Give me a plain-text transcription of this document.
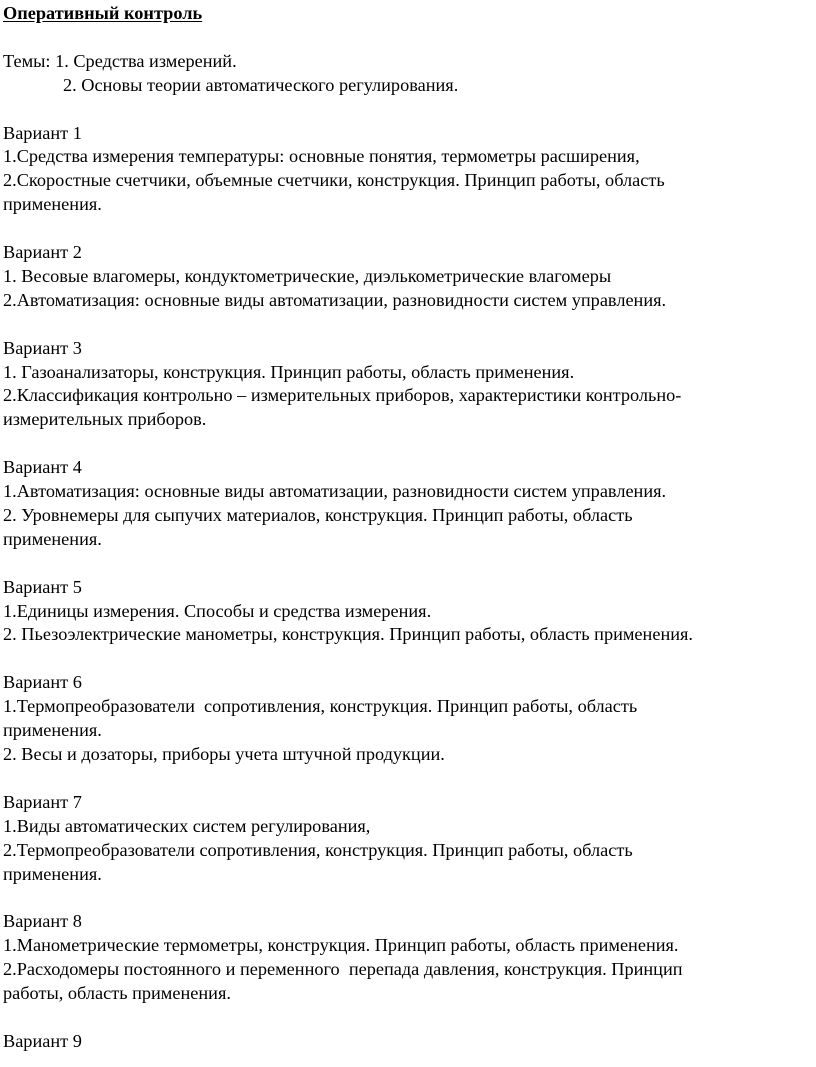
Оперативный контроль
Темы: 1. Средства измерений.
2. Основы теории автоматического регулирования.
Вариант 1
1.Средства измерения температуры: основные понятия, термометры расширения,
2.Скоростные счетчики, объемные счетчики, конструкция. Принцип работы, область
применения.
Вариант 2
1. Весовые влагомеры, кондуктометрические, диэлькометрические влагомеры
2.Автоматизация: основные виды автоматизации, разновидности систем управления.
Вариант 3
1. Газоанализаторы, конструкция. Принцип работы, область применения.
2.Классификация контрольно – измерительных приборов, характеристики контрольно-
измерительных приборов.
Вариант 4
1.Автоматизация: основные виды автоматизации, разновидности систем управления.
2. Уровнемеры для сыпучих материалов, конструкция. Принцип работы, область
применения.
Вариант 5
1.Единицы измерения. Способы и средства измерения.
2. Пьезоэлектрические манометры, конструкция. Принцип работы, область применения.
Вариант 6
1.Термопреобразователи  сопротивления, конструкция. Принцип работы, область
применения.
2. Весы и дозаторы, приборы учета штучной продукции.
Вариант 7
1.Виды автоматических систем регулирования,
2.Термопреобразователи сопротивления, конструкция. Принцип работы, область
применения.
Вариант 8
1.Манометрические термометры, конструкция. Принцип работы, область применения.
2.Расходомеры постоянного и переменного  перепада давления, конструкция. Принцип
работы, область применения.
Вариант 9
